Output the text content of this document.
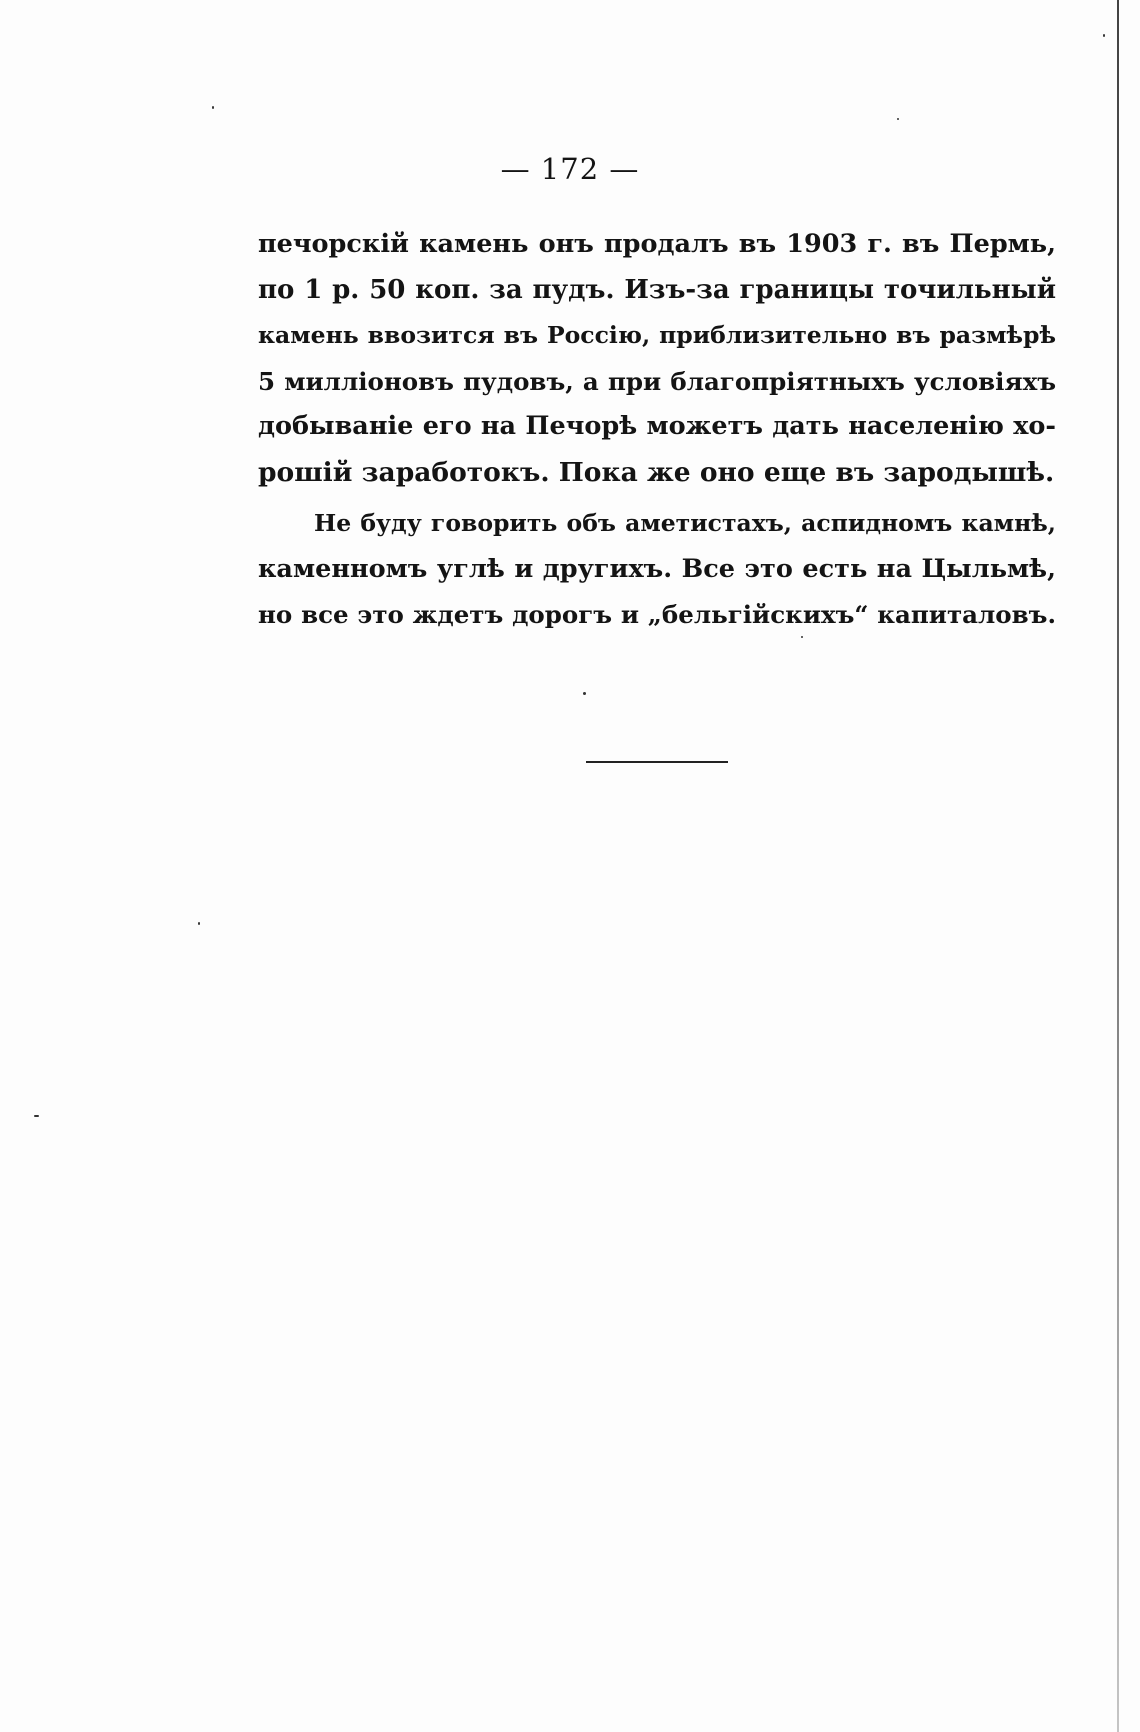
— 172 —
печорскій камень онъ продалъ въ 1903 г. въ Пермь,
по 1 р. 50 коп. за пудъ. Изъ-за границы точильный
камень ввозится въ Россію, приблизительно въ размѣрѣ
5 милліоновъ пудовъ, а при благопріятныхъ условіяхъ
добываніе его на Печорѣ можетъ дать населенію хо-
рошій заработокъ. Пока же оно еще въ зародышѣ.
Не буду говорить объ аметистахъ, аспидномъ камнѣ,
каменномъ углѣ и другихъ. Все это есть на Цыльмѣ,
но все это ждетъ дорогъ и „бельгійскихъ“ капиталовъ.
